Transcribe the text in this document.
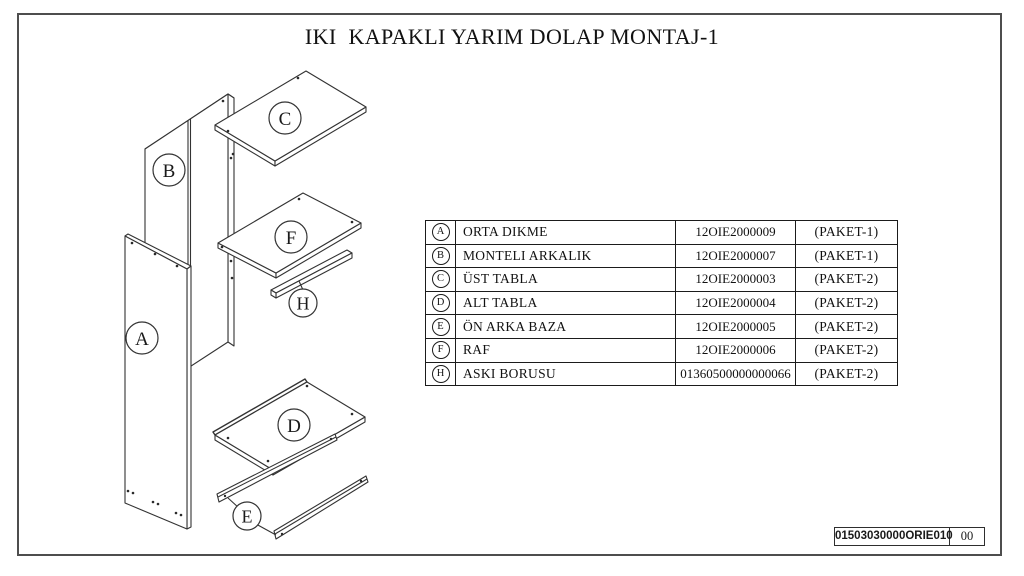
IKI  KAPAKLI YARIM DOLAP MONTAJ-1
A
C
F
H
D
E
B
A	ORTA DIKME	12OIE2000009	(PAKET-1)
B	MONTELI ARKALIK	12OIE2000007	(PAKET-1)
C	ÜST TABLA	12OIE2000003	(PAKET-2)
D	ALT TABLA	12OIE2000004	(PAKET-2)
E	ÖN ARKA BAZA	12OIE2000005	(PAKET-2)
F	RAF	12OIE2000006	(PAKET-2)
H	ASKI BORUSU	01360500000000066	(PAKET-2)
01503030000ORIE010 00
